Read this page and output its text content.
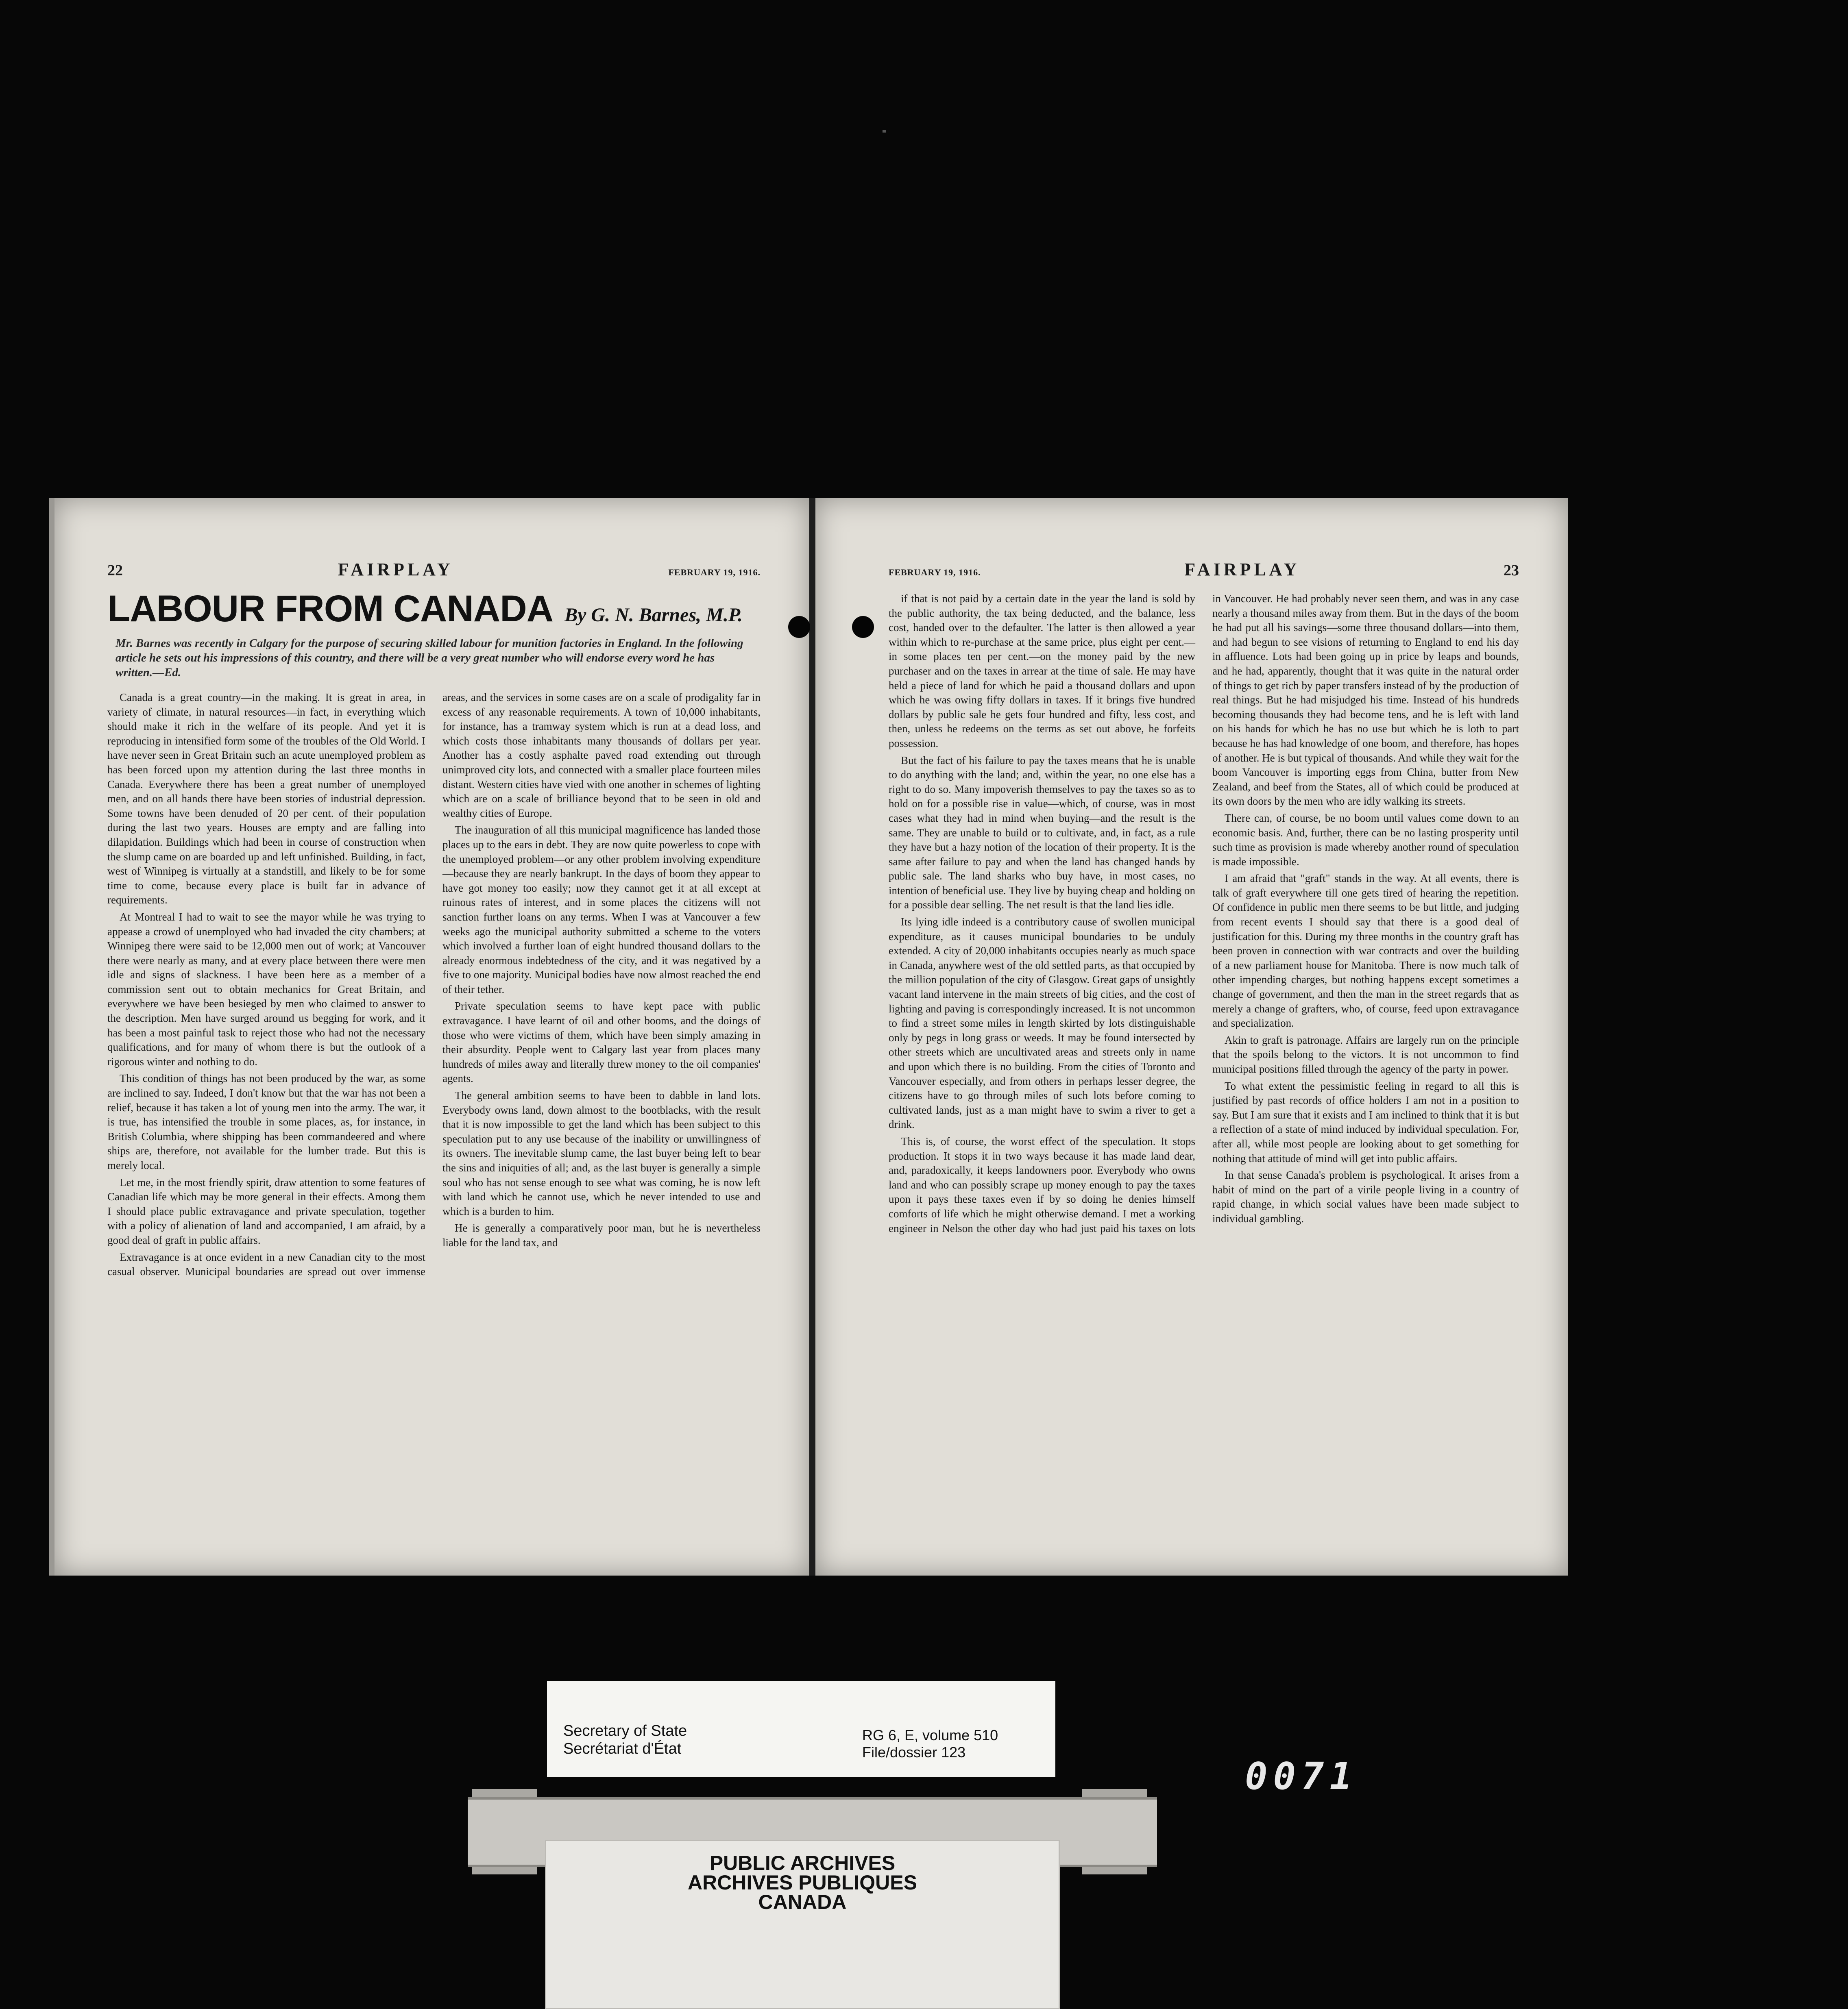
22	FAIRPLAY	FEBRUARY 19, 1916.
LABOUR FROM CANADA By G. N. Barnes, M.P.
Mr. Barnes was recently in Calgary for the purpose of securing skilled labour for munition factories in England. In the following article he sets out his impressions of this country, and there will be a very great number who will endorse every word he has written.—Ed.

Canada is a great country—in the making. It is great in area, in variety of climate, in natural resources—in fact, in everything which should make it rich in the welfare of its people. And yet it is reproducing in intensified form some of the troubles of the Old World. I have never seen in Great Britain such an acute unemployed problem as has been forced upon my attention during the last three months in Canada. Everywhere there has been a great number of unemployed men, and on all hands there have been stories of industrial depression. Some towns have been denuded of 20 per cent. of their population during the last two years. Houses are empty and are falling into dilapidation. Buildings which had been in course of construction when the slump came on are boarded up and left unfinished. Building, in fact, west of Winnipeg is virtually at a standstill, and likely to be for some time to come, because every place is built far in advance of requirements.

At Montreal I had to wait to see the mayor while he was trying to appease a crowd of unemployed who had invaded the city chambers; at Winnipeg there were said to be 12,000 men out of work; at Vancouver there were nearly as many, and at every place between there were men idle and signs of slackness. I have been here as a member of a commission sent out to obtain mechanics for Great Britain, and everywhere we have been besieged by men who claimed to answer to the description. Men have surged around us begging for work, and it has been a most painful task to reject those who had not the necessary qualifications, and for many of whom there is but the outlook of a rigorous winter and nothing to do.

This condition of things has not been produced by the war, as some are inclined to say. Indeed, I don't know but that the war has not been a relief, because it has taken a lot of young men into the army. The war, it is true, has intensified the trouble in some places, as, for instance, in British Columbia, where shipping has been commandeered and where ships are, therefore, not available for the lumber trade. But this is merely local.

Let me, in the most friendly spirit, draw attention to some features of Canadian life which may be more general in their effects. Among them I should place public extravagance and private speculation, together with a policy of alienation of land and accompanied, I am afraid, by a good deal of graft in public affairs.

Extravagance is at once evident in a new Canadian city to the most casual observer. Municipal boundaries are spread out over immense areas, and the services in some cases are on a scale of prodigality far in excess of any reasonable requirements. A town of 10,000 inhabitants, for instance, has a tramway system which is run at a dead loss, and which costs those inhabitants many thousands of dollars per year. Another has a costly asphalte paved road extending out through unimproved city lots, and connected with a smaller place fourteen miles distant. Western cities have vied with one another in schemes of lighting which are on a scale of brilliance beyond that to be seen in old and wealthy cities of Europe.

The inauguration of all this municipal magnificence has landed those places up to the ears in debt. They are now quite powerless to cope with the unemployed problem—or any other problem involving expenditure—because they are nearly bankrupt. In the days of boom they appear to have got money too easily; now they cannot get it at all except at ruinous rates of interest, and in some places the citizens will not sanction further loans on any terms. When I was at Vancouver a few weeks ago the municipal authority submitted a scheme to the voters which involved a further loan of eight hundred thousand dollars to the already enormous indebtedness of the city, and it was negatived by a five to one majority. Municipal bodies have now almost reached the end of their tether.

Private speculation seems to have kept pace with public extravagance. I have learnt of oil and other booms, and the doings of those who were victims of them, which have been simply amazing in their absurdity. People went to Calgary last year from places many hundreds of miles away and literally threw money to the oil companies' agents.

The general ambition seems to have been to dabble in land lots. Everybody owns land, down almost to the bootblacks, with the result that it is now impossible to get the land which has been subject to this speculation put to any use because of the inability or unwillingness of its owners. The inevitable slump came, the last buyer being left to bear the sins and iniquities of all; and, as the last buyer is generally a simple soul who has not sense enough to see what was coming, he is now left with land which he cannot use, which he never intended to use and which is a burden to him.

He is generally a comparatively poor man, but he is nevertheless liable for the land tax, and

FEBRUARY 19, 1916.	FAIRPLAY	23

if that is not paid by a certain date in the year the land is sold by the public authority, the tax being deducted, and the balance, less cost, handed over to the defaulter. The latter is then allowed a year within which to re-purchase at the same price, plus eight per cent.—in some places ten per cent.—on the money paid by the new purchaser and on the taxes in arrear at the time of sale. He may have held a piece of land for which he paid a thousand dollars and upon which he was owing fifty dollars in taxes. If it brings five hundred dollars by public sale he gets four hundred and fifty, less cost, and then, unless he redeems on the terms as set out above, he forfeits possession.

But the fact of his failure to pay the taxes means that he is unable to do anything with the land; and, within the year, no one else has a right to do so. Many impoverish themselves to pay the taxes so as to hold on for a possible rise in value—which, of course, was in most cases what they had in mind when buying—and the result is the same. They are unable to build or to cultivate, and, in fact, as a rule they have but a hazy notion of the location of their property. It is the same after failure to pay and when the land has changed hands by public sale. The land sharks who buy have, in most cases, no intention of beneficial use. They live by buying cheap and holding on for a possible dear selling. The net result is that the land lies idle.

Its lying idle indeed is a contributory cause of swollen municipal expenditure, as it causes municipal boundaries to be unduly extended. A city of 20,000 inhabitants occupies nearly as much space in Canada, anywhere west of the old settled parts, as that occupied by the million population of the city of Glasgow. Great gaps of unsightly vacant land intervene in the main streets of big cities, and the cost of lighting and paving is correspondingly increased. It is not uncommon to find a street some miles in length skirted by lots distinguishable only by pegs in long grass or weeds. It may be found intersected by other streets which are uncultivated areas and streets only in name and upon which there is no building. From the cities of Toronto and Vancouver especially, and from others in perhaps lesser degree, the citizens have to go through miles of such lots before coming to cultivated lands, just as a man might have to swim a river to get a drink.

This is, of course, the worst effect of the speculation. It stops production. It stops it in two ways because it has made land dear, and, paradoxically, it keeps landowners poor. Everybody who owns land and who can possibly scrape up money enough to pay the taxes upon it pays these taxes even if by so doing he denies himself comforts of life which he might otherwise demand. I met a working engineer in Nelson the other day who had just paid his taxes on lots in Vancouver. He had probably never seen them, and was in any case nearly a thousand miles away from them. But in the days of the boom he had put all his savings—some three thousand dollars—into them, and had begun to see visions of returning to England to end his day in affluence. Lots had been going up in price by leaps and bounds, and he had, apparently, thought that it was quite in the natural order of things to get rich by paper transfers instead of by the production of real things. But he had misjudged his time. Instead of his hundreds becoming thousands they had become tens, and he is left with land on his hands for which he has no use but which he is loth to part because he has had knowledge of one boom, and therefore, has hopes of another. He is but typical of thousands. And while they wait for the boom Vancouver is importing eggs from China, butter from New Zealand, and beef from the States, all of which could be produced at its own doors by the men who are idly walking its streets.

There can, of course, be no boom until values come down to an economic basis. And, further, there can be no lasting prosperity until such time as provision is made whereby another round of speculation is made impossible.

I am afraid that "graft" stands in the way. At all events, there is talk of graft everywhere till one gets tired of hearing the repetition. Of confidence in public men there seems to be but little, and judging from recent events I should say that there is a good deal of justification for this. During my three months in the country graft has been proven in connection with war contracts and over the building of a new parliament house for Manitoba. There is now much talk of other impending charges, but nothing happens except sometimes a change of government, and then the man in the street regards that as merely a change of grafters, who, of course, feed upon extravagance and specialization.

Akin to graft is patronage. Affairs are largely run on the principle that the spoils belong to the victors. It is not uncommon to find municipal positions filled through the agency of the party in power.

To what extent the pessimistic feeling in regard to all this is justified by past records of office holders I am not in a position to say. But I am sure that it exists and I am inclined to think that it is but a reflection of a state of mind induced by individual speculation. For, after all, while most people are looking about to get something for nothing that attitude of mind will get into public affairs.

In that sense Canada's problem is psychological. It arises from a habit of mind on the part of a virile people living in a country of rapid change, in which social values have been made subject to individual gambling.

Secretary of State
Secrétariat d'État
RG 6, E, volume 510
File/dossier 123
PUBLIC ARCHIVES
ARCHIVES PUBLIQUES
CANADA
0071
